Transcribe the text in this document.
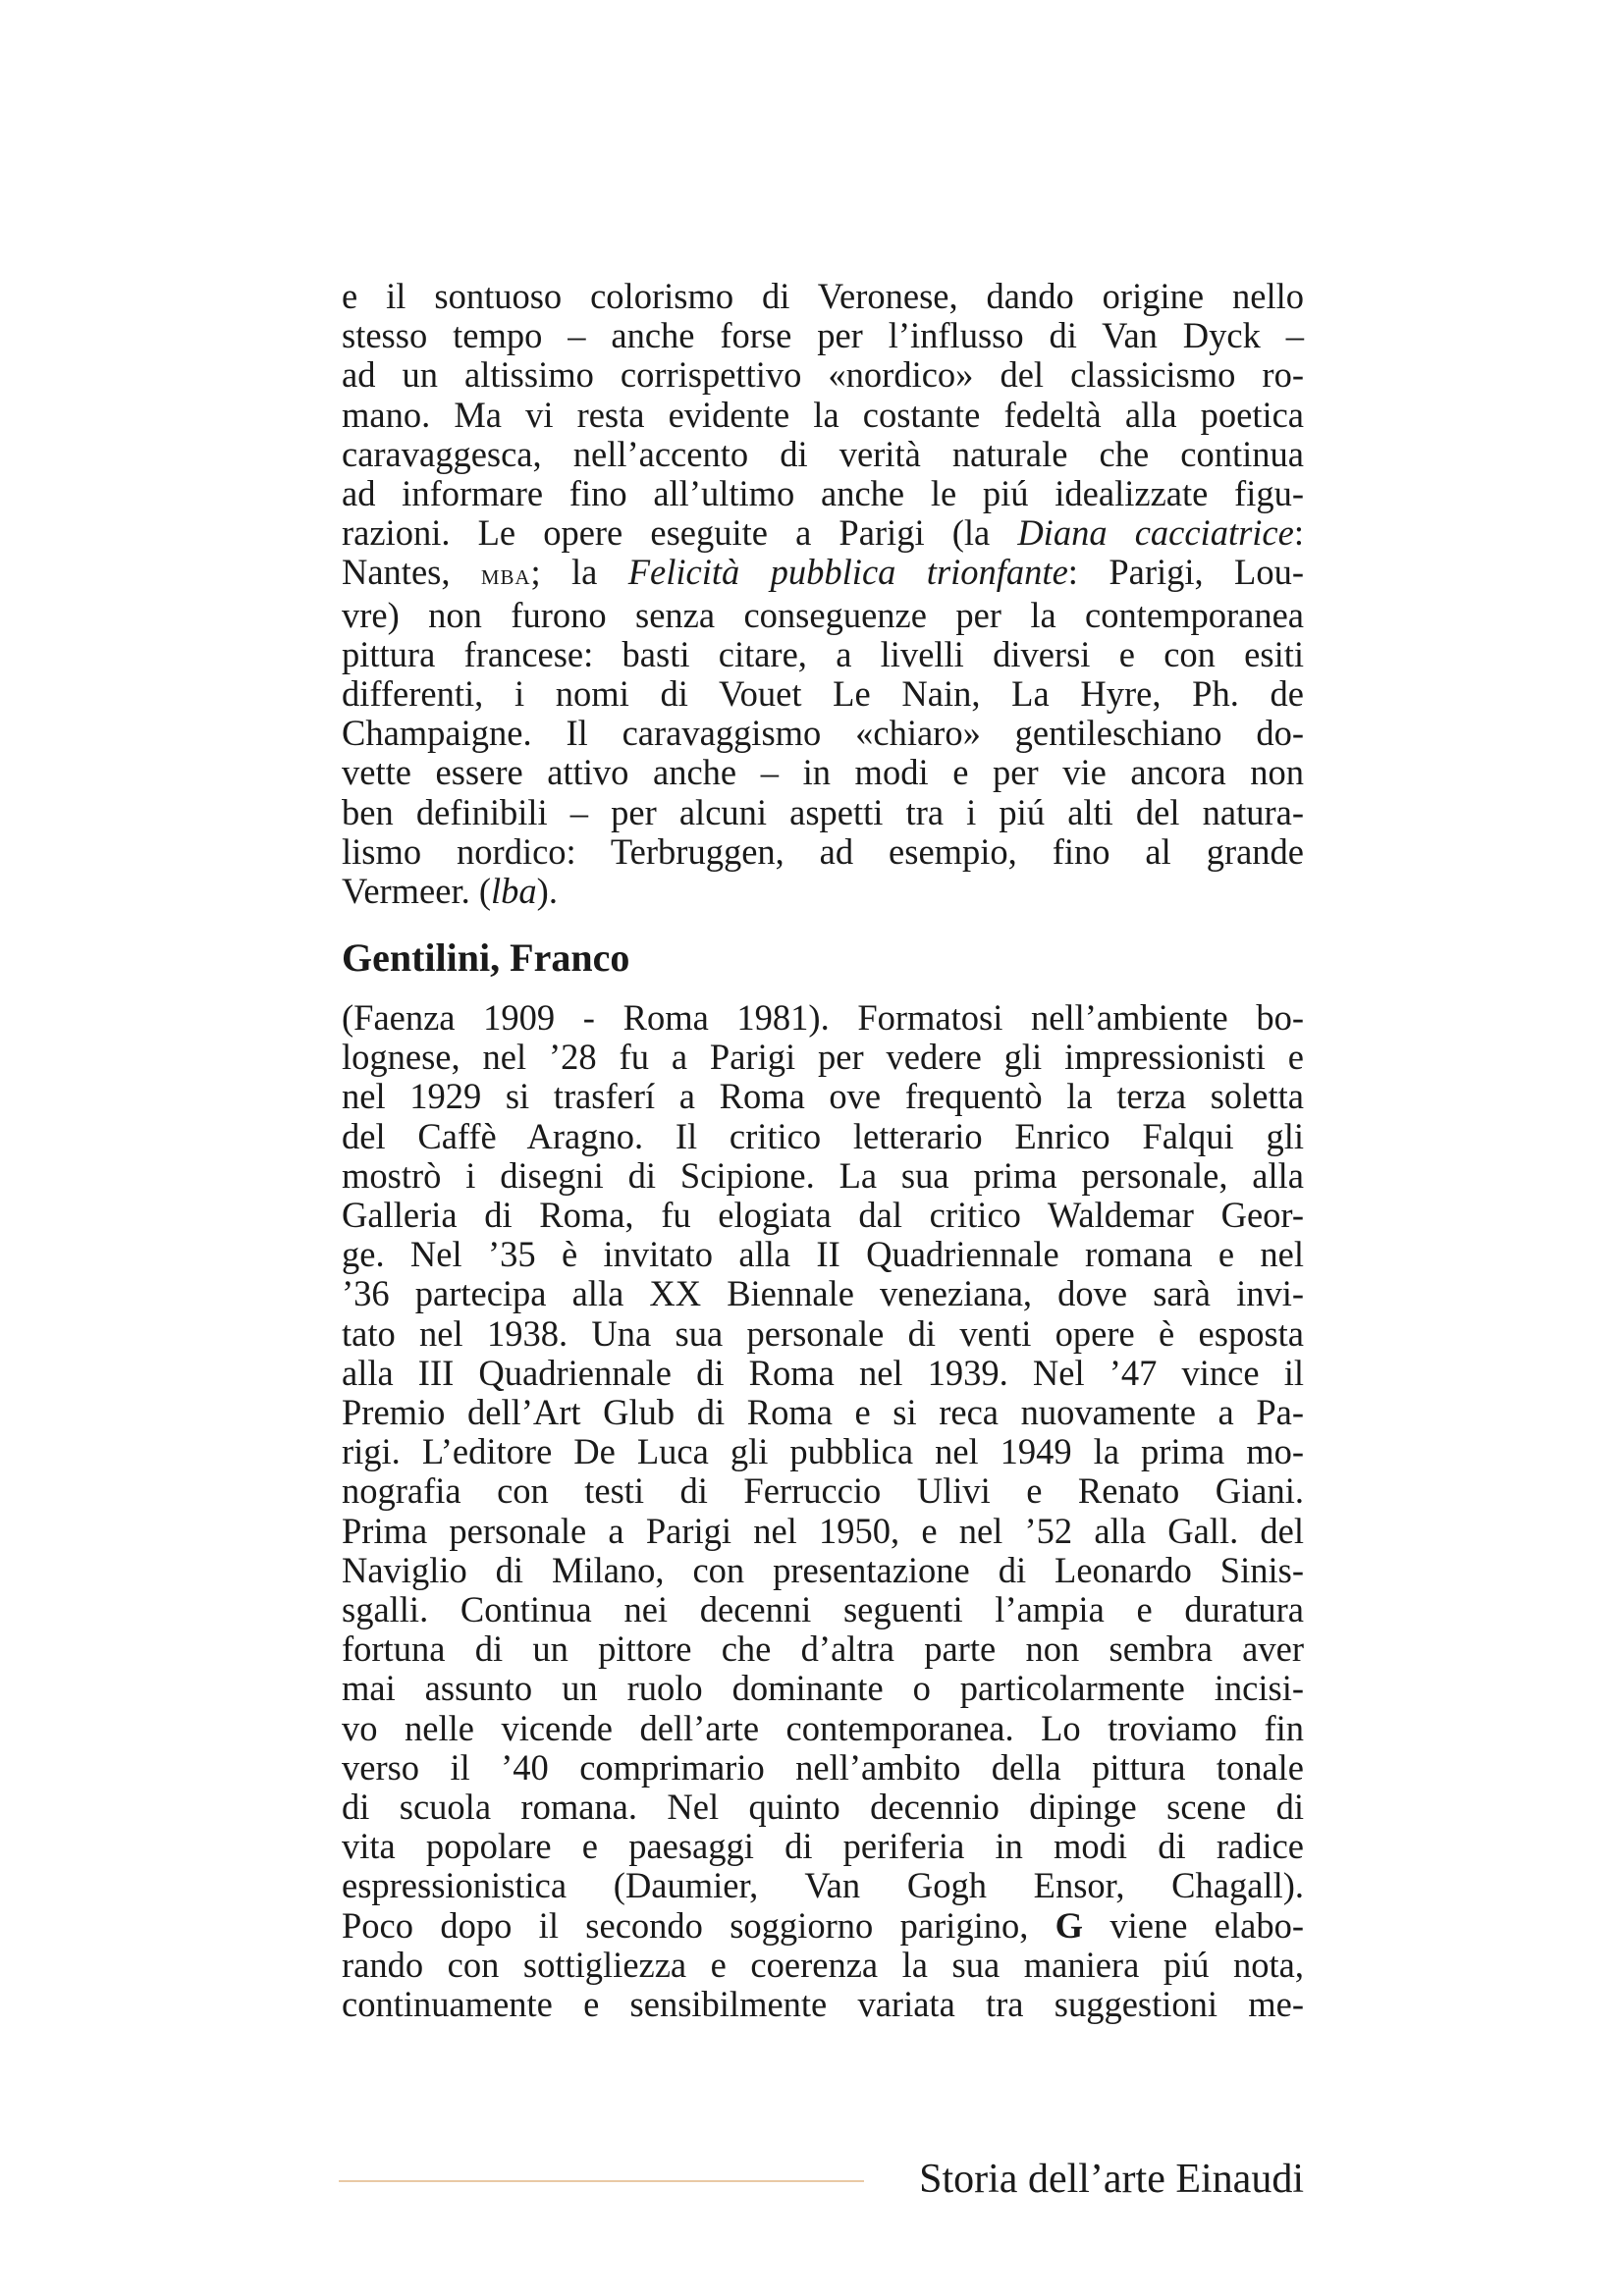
e il sontuoso colorismo di Veronese, dando origine nello
stesso tempo – anche forse per l’influsso di Van Dyck –
ad un altissimo corrispettivo «nordico» del classicismo ro-
mano. Ma vi resta evidente la costante fedeltà alla poetica
caravaggesca, nell’accento di verità naturale che continua
ad informare fino all’ultimo anche le piú idealizzate figu-
razioni. Le opere eseguite a Parigi (la Diana cacciatrice:
Nantes, mba; la Felicità pubblica trionfante: Parigi, Lou-
vre) non furono senza conseguenze per la contemporanea
pittura francese: basti citare, a livelli diversi e con esiti
differenti, i nomi di Vouet Le Nain, La Hyre, Ph. de
Champaigne. Il caravaggismo «chiaro» gentileschiano do-
vette essere attivo anche – in modi e per vie ancora non
ben definibili – per alcuni aspetti tra i piú alti del natura-
lismo nordico: Terbruggen, ad esempio, fino al grande
Vermeer. (lba).
Gentilini, Franco
(Faenza 1909 - Roma 1981). Formatosi nell’ambiente bo-
lognese, nel ’28 fu a Parigi per vedere gli impressionisti e
nel 1929 si trasferí a Roma ove frequentò la terza soletta
del Caffè Aragno. Il critico letterario Enrico Falqui gli
mostrò i disegni di Scipione. La sua prima personale, alla
Galleria di Roma, fu elogiata dal critico Waldemar Geor-
ge. Nel ’35 è invitato alla II Quadriennale romana e nel
’36 partecipa alla XX Biennale veneziana, dove sarà invi-
tato nel 1938. Una sua personale di venti opere è esposta
alla III Quadriennale di Roma nel 1939. Nel ’47 vince il
Premio dell’Art Glub di Roma e si reca nuovamente a Pa-
rigi. L’editore De Luca gli pubblica nel 1949 la prima mo-
nografia con testi di Ferruccio Ulivi e Renato Giani.
Prima personale a Parigi nel 1950, e nel ’52 alla Gall. del
Naviglio di Milano, con presentazione di Leonardo Sinis-
sgalli. Continua nei decenni seguenti l’ampia e duratura
fortuna di un pittore che d’altra parte non sembra aver
mai assunto un ruolo dominante o particolarmente incisi-
vo nelle vicende dell’arte contemporanea. Lo troviamo fin
verso il ’40 comprimario nell’ambito della pittura tonale
di scuola romana. Nel quinto decennio dipinge scene di
vita popolare e paesaggi di periferia in modi di radice
espressionistica (Daumier, Van Gogh Ensor, Chagall).
Poco dopo il secondo soggiorno parigino, G viene elabo-
rando con sottigliezza e coerenza la sua maniera piú nota,
continuamente e sensibilmente variata tra suggestioni me-
Storia dell’arte Einaudi
